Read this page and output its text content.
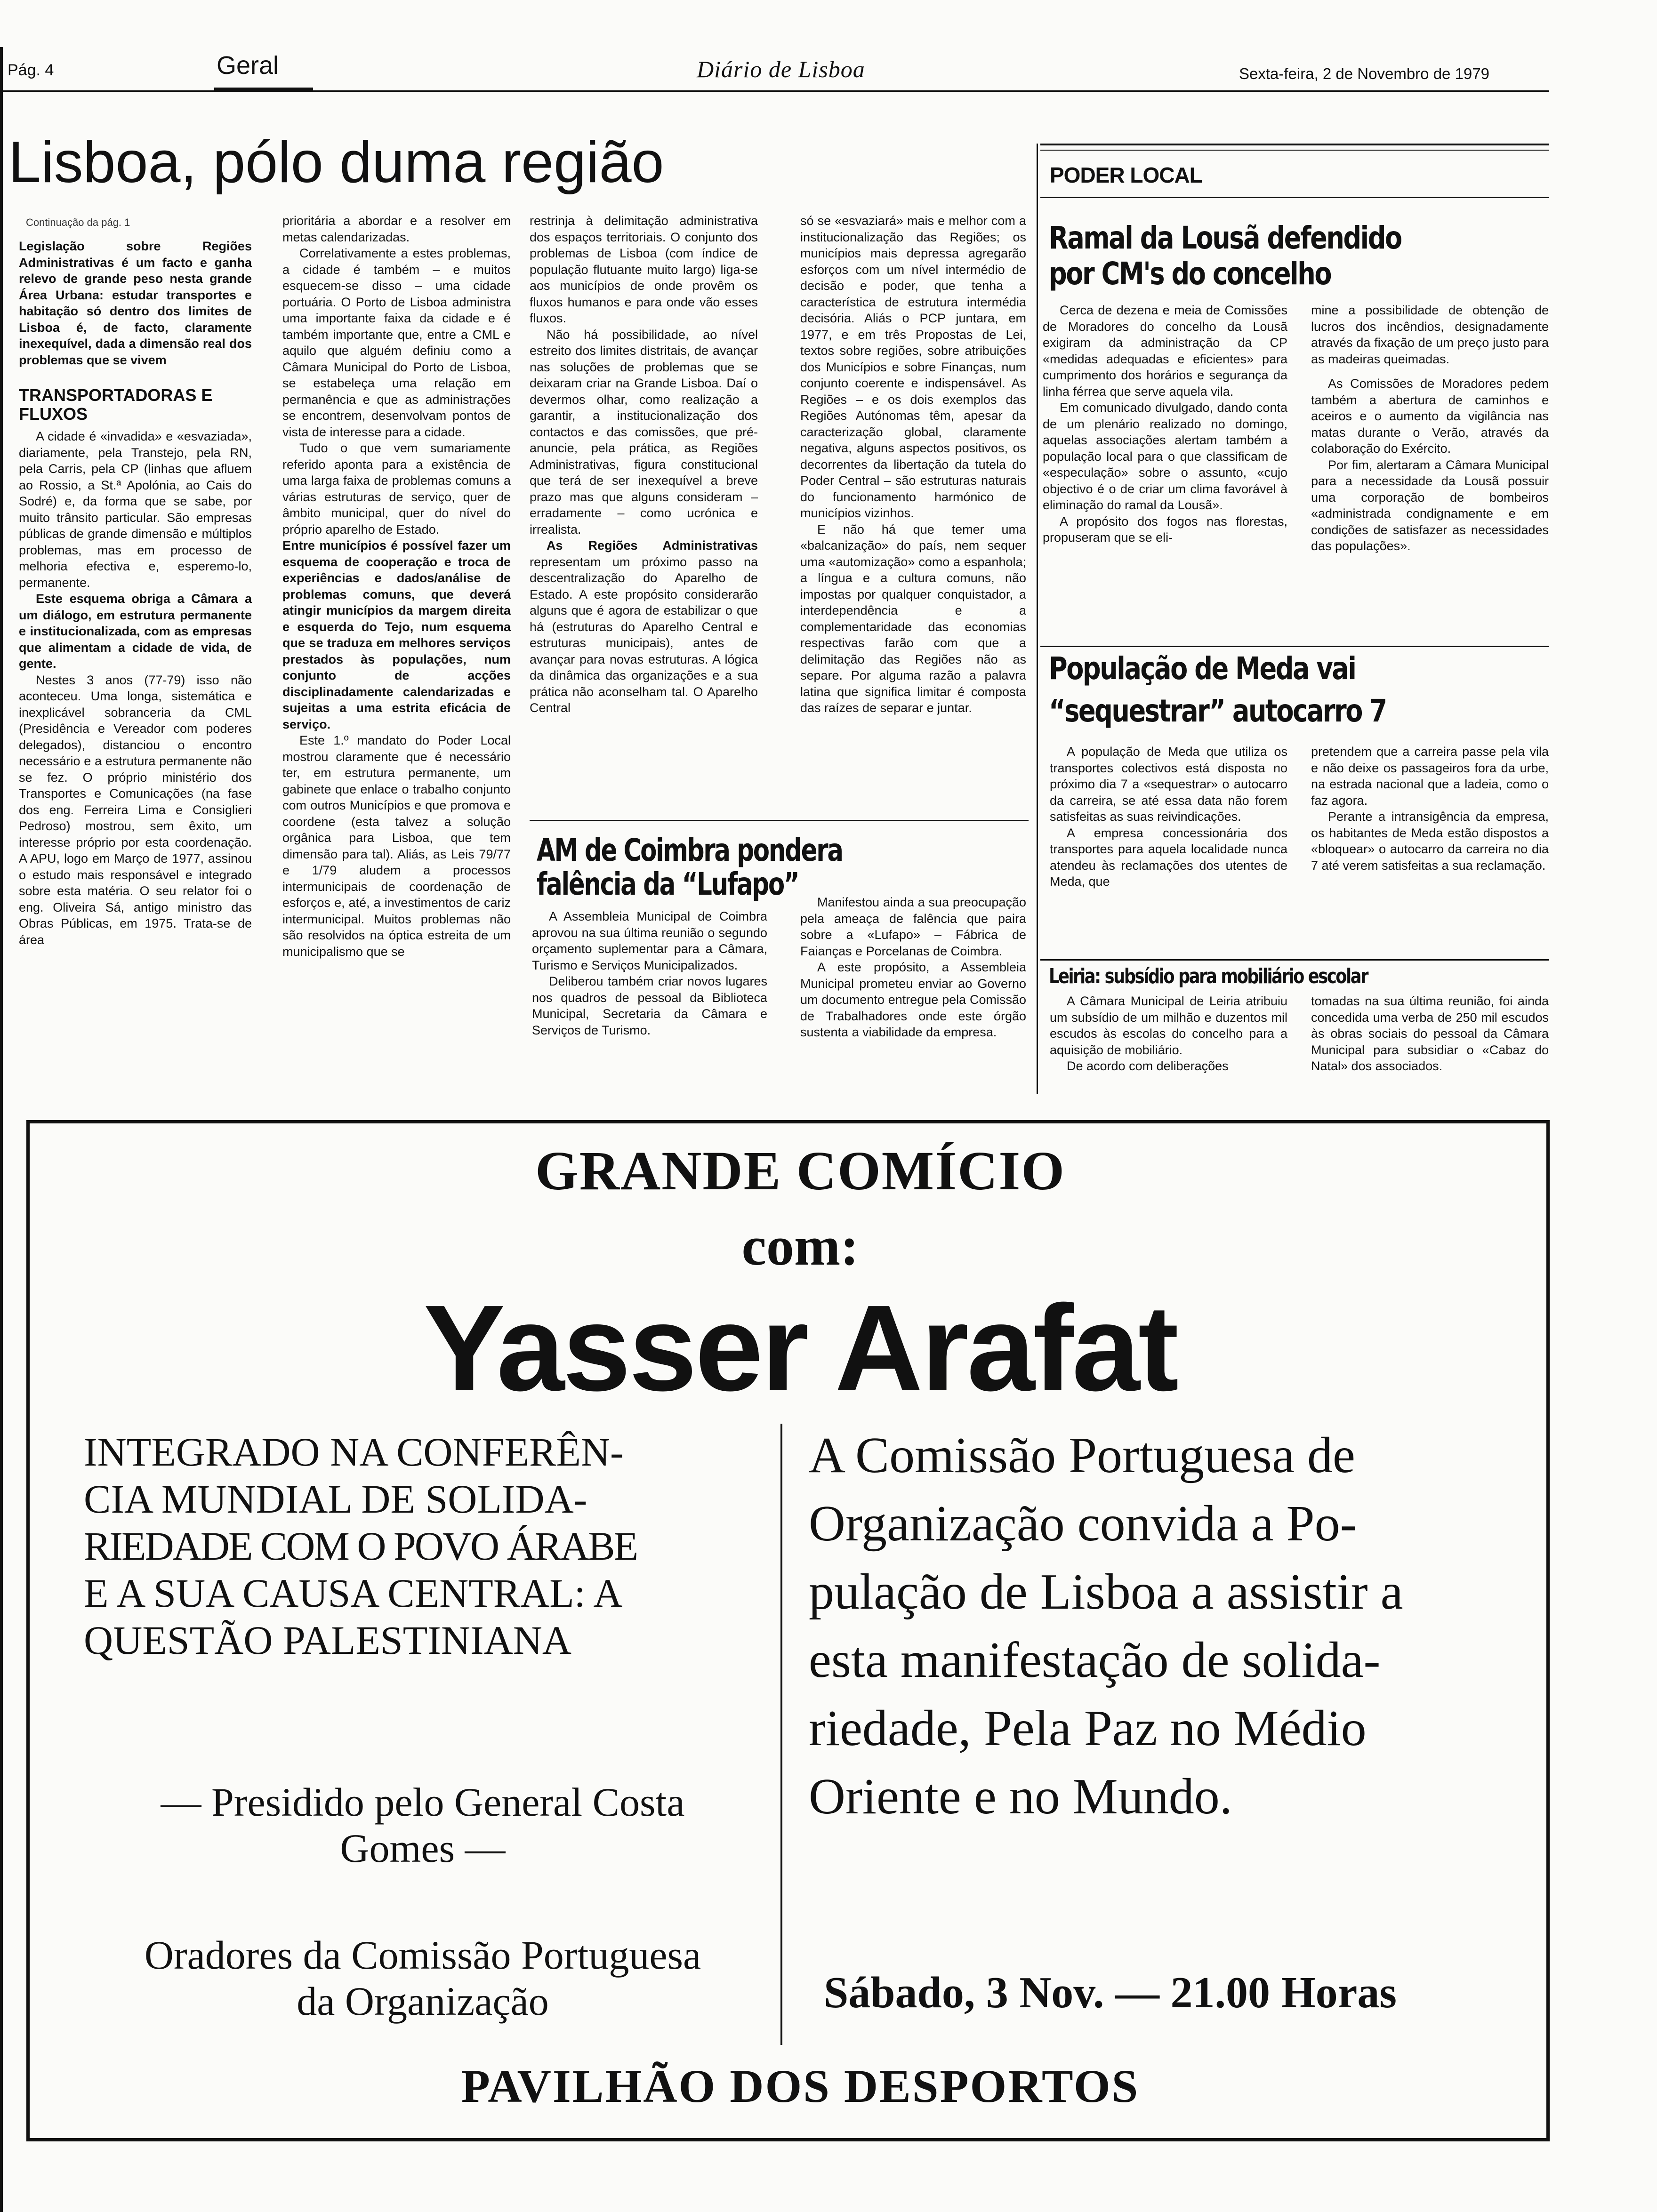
Pág. 4	Geral	Diário de Lisboa	Sexta-feira, 2 de Novembro de 1979
Lisboa, pólo duma região
Continuação da pág. 1

Legislação sobre Regiões Administrativas é um facto e ganha relevo de grande peso nesta grande Área Urbana: estudar transportes e habitação só dentro dos limites de Lisboa é, de facto, claramente inexequível, dada a dimensão real dos problemas que se vivem

TRANSPORTADORAS E FLUXOS

A cidade é «invadida» e «esvaziada», diariamente, pela Transtejo, pela RN, pela Carris, pela CP (linhas que afluem ao Rossio, a St.ª Apolónia, ao Cais do Sodré) e, da forma que se sabe, por muito trânsito particular. São empresas públicas de grande dimensão e múltiplos problemas, mas em processo de melhoria efectiva e, esperemo-lo, permanente.

Este esquema obriga a Câmara a um diálogo, em estrutura permanente e institucionalizada, com as empresas que alimentam a cidade de vida, de gente.

Nestes 3 anos (77-79) isso não aconteceu. Uma longa, sistemática e inexplicável sobranceria da CML (Presidência e Vereador com poderes delegados), distanciou o encontro necessário e a estrutura permanente não se fez. O próprio ministério dos Transportes e Comunicações (na fase dos eng. Ferreira Lima e Consiglieri Pedroso) mostrou, sem êxito, um interesse próprio por esta coordenação. A APU, logo em Março de 1977, assinou o estudo mais responsável e integrado sobre esta matéria. O seu relator foi o eng. Oliveira Sá, antigo ministro das Obras Públicas, em 1975. Trata-se de área

prioritária a abordar e a resolver em metas calendarizadas.

Correlativamente a estes problemas, a cidade é também – e muitos esquecem-se disso – uma cidade portuária. O Porto de Lisboa administra uma importante faixa da cidade e é também importante que, entre a CML e aquilo que alguém definiu como a Câmara Municipal do Porto de Lisboa, se estabeleça uma relação em permanência e que as administrações se encontrem, desenvolvam pontos de vista de interesse para a cidade.

Tudo o que vem sumariamente referido aponta para a existência de uma larga faixa de problemas comuns a várias estruturas de serviço, quer de âmbito municipal, quer do nível do próprio aparelho de Estado.

Entre municípios é possível fazer um esquema de cooperação e troca de experiências e dados/análise de problemas comuns, que deverá atingir municípios da margem direita e esquerda do Tejo, num esquema que se traduza em melhores serviços prestados às populações, num conjunto de acções disciplinadamente calendarizadas e sujeitas a uma estrita eficácia de serviço.

Este 1.º mandato do Poder Local mostrou claramente que é necessário ter, em estrutura permanente, um gabinete que enlace o trabalho conjunto com outros Municípios e que promova e coordene (esta talvez a solução orgânica para Lisboa, que tem dimensão para tal). Aliás, as Leis 79/77 e 1/79 aludem a processos intermunicipais de coordenação de esforços e, até, a investimentos de cariz intermunicipal. Muitos problemas não são resolvidos na óptica estreita de um municipalismo que se

restrinja à delimitação administrativa dos espaços territoriais. O conjunto dos problemas de Lisboa (com índice de população flutuante muito largo) liga-se aos municípios de onde provêm os fluxos humanos e para onde vão esses fluxos.

Não há possibilidade, ao nível estreito dos limites distritais, de avançar nas soluções de problemas que se deixaram criar na Grande Lisboa. Daí o devermos olhar, como realização a garantir, a institucionalização dos contactos e das comissões, que pré-anuncie, pela prática, as Regiões Administrativas, figura constitucional que terá de ser inexequível a breve prazo mas que alguns consideram – erradamente – como ucrónica e irrealista.

As Regiões Administrativas representam um próximo passo na descentralização do Aparelho de Estado. A este propósito considerarão alguns que é agora de estabilizar o que há (estruturas do Aparelho Central e estruturas municipais), antes de avançar para novas estruturas. A lógica da dinâmica das organizações e a sua prática não aconselham tal. O Aparelho Central

só se «esvaziará» mais e melhor com a institucionalização das Regiões; os municípios mais depressa agregarão esforços com um nível intermédio de decisão e poder, que tenha a característica de estrutura intermédia decisória. Aliás o PCP juntara, em 1977, e em três Propostas de Lei, textos sobre regiões, sobre atribuições dos Municípios e sobre Finanças, num conjunto coerente e indispensável. As Regiões – e os dois exemplos das Regiões Autónomas têm, apesar da caracterização global, claramente negativa, alguns aspectos positivos, os decorrentes da libertação da tutela do Poder Central – são estruturas naturais do funcionamento harmónico de municípios vizinhos.

E não há que temer uma «balcanização» do país, nem sequer uma «automização» como a espanhola; a língua e a cultura comuns, não impostas por qualquer conquistador, a interdependência e a complementaridade das economias respectivas farão com que a delimitação das Regiões não as separe. Por alguma razão a palavra latina que significa limitar é composta das raízes de separar e juntar.

AM de Coimbra pondera
falência da “Lufapo”

A Assembleia Municipal de Coimbra aprovou na sua última reunião o segundo orçamento suplementar para a Câmara, Turismo e Serviços Municipalizados.

Deliberou também criar novos lugares nos quadros de pessoal da Biblioteca Municipal, Secretaria da Câmara e Serviços de Turismo.

Manifestou ainda a sua preocupação pela ameaça de falência que paira sobre a «Lufapo» – Fábrica de Faianças e Porcelanas de Coimbra.

A este propósito, a Assembleia Municipal prometeu enviar ao Governo um documento entregue pela Comissão de Trabalhadores onde este órgão sustenta a viabilidade da empresa.

PODER LOCAL
Ramal da Lousã defendido
por CM's do concelho

Cerca de dezena e meia de Comissões de Moradores do concelho da Lousã exigiram da administração da CP «medidas adequadas e eficientes» para cumprimento dos horários e segurança da linha férrea que serve aquela vila.

Em comunicado divulgado, dando conta de um plenário realizado no domingo, aquelas associações alertam também a população local para o que classificam de «especulação» sobre o assunto, «cujo objectivo é o de criar um clima favorável à eliminação do ramal da Lousã».

A propósito dos fogos nas florestas, propuseram que se eli-

mine a possibilidade de obtenção de lucros dos incêndios, designadamente através da fixação de um preço justo para as madeiras queimadas.

As Comissões de Moradores pedem também a abertura de caminhos e aceiros e o aumento da vigilância nas matas durante o Verão, através da colaboração do Exército.

Por fim, alertaram a Câmara Municipal para a necessidade da Lousã possuir uma corporação de bombeiros «administrada condignamente e em condições de satisfazer as necessidades das populações».

População de Meda vai
“sequestrar” autocarro 7

A população de Meda que utiliza os transportes colectivos está disposta no próximo dia 7 a «sequestrar» o autocarro da carreira, se até essa data não forem satisfeitas as suas reivindicações.

A empresa concessionária dos transportes para aquela localidade nunca atendeu às reclamações dos utentes de Meda, que

pretendem que a carreira passe pela vila e não deixe os passageiros fora da urbe, na estrada nacional que a ladeia, como o faz agora.

Perante a intransigência da empresa, os habitantes de Meda estão dispostos a «bloquear» o autocarro da carreira no dia 7 até verem satisfeitas a sua reclamação.

Leiria: subsídio para mobiliário escolar

A Câmara Municipal de Leiria atribuiu um subsídio de um milhão e duzentos mil escudos às escolas do concelho para a aquisição de mobiliário.

De acordo com deliberações

tomadas na sua última reunião, foi ainda concedida uma verba de 250 mil escudos às obras sociais do pessoal da Câmara Municipal para subsidiar o «Cabaz do Natal» dos associados.

GRANDE COMÍCIO
com:
Yasser Arafat
INTEGRADO NA CONFERÊN-
CIA MUNDIAL DE SOLIDA-
RIEDADE COM O POVO ÁRABE
E A SUA CAUSA CENTRAL: A
QUESTÃO PALESTINIANA
— Presidido pelo General Costa
Gomes —
Oradores da Comissão Portuguesa
da Organização
A Comissão Portuguesa de
Organização convida a Po-
pulação de Lisboa a assistir a
esta manifestação de solida-
riedade, Pela Paz no Médio
Oriente e no Mundo.
Sábado, 3 Nov. — 21.00 Horas
PAVILHÃO DOS DESPORTOS
